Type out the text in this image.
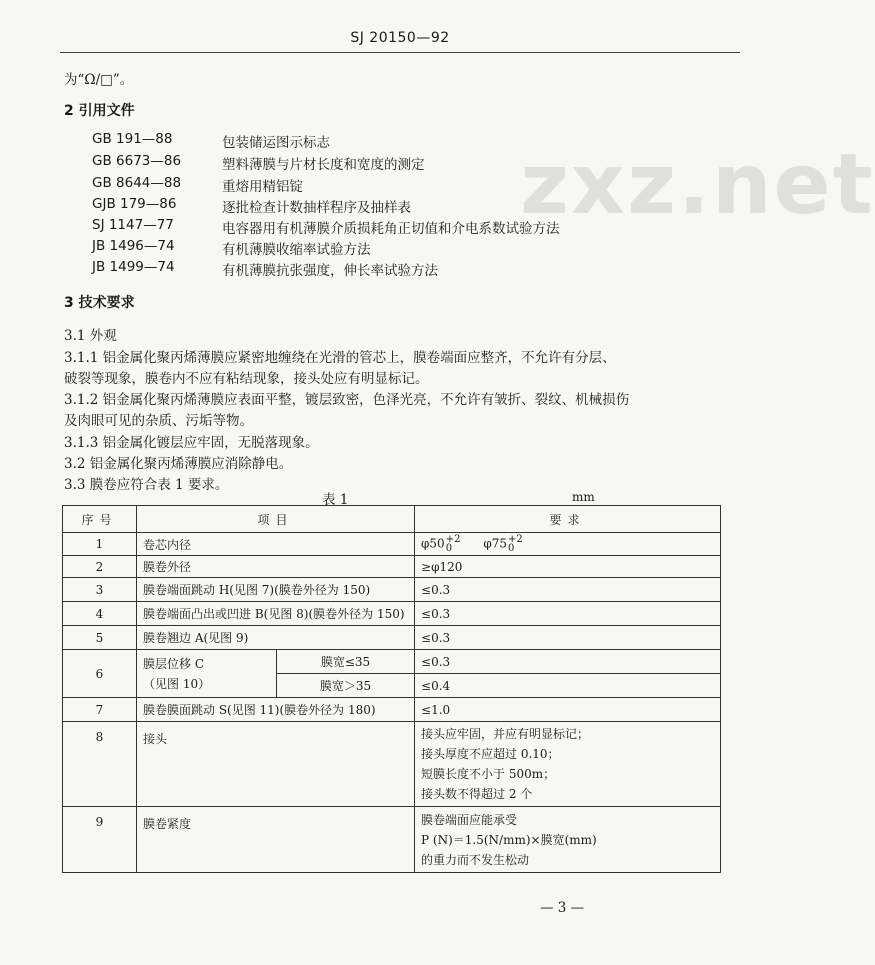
SJ 20150—92
zxz.net
为“Ω/□”。
2 引用文件
GB 191—88	包装储运图示标志
GB 6673—86	塑料薄膜与片材长度和宽度的测定
GB 8644—88	重熔用精铝锭
GJB 179—86	逐批检查计数抽样程序及抽样表
SJ 1147—77	电容器用有机薄膜介质损耗角正切值和介电系数试验方法
JB 1496—74	有机薄膜收缩率试验方法
JB 1499—74	有机薄膜抗张强度，伸长率试验方法
3 技术要求
3.1 外观
3.1.1 铝金属化聚丙烯薄膜应紧密地缠绕在光滑的管芯上，膜卷端面应整齐，不允许有分层、
破裂等现象，膜卷内不应有粘结现象，接头处应有明显标记。
3.1.2 铝金属化聚丙烯薄膜应表面平整，镀层致密，色泽光亮，不允许有皱折、裂纹、机械损伤
及肉眼可见的杂质、污垢等物。
3.1.3 铝金属化镀层应牢固，无脱落现象。
3.2 铝金属化聚丙烯薄膜应消除静电。
3.3 膜卷应符合表 1 要求。
表 1	mm
序号	项目		要求
1	卷芯内径		φ50+2
0 φ75+2
0
2	膜卷外径		≥φ120
3	膜卷端面跳动 H(见图 7)(膜卷外径为 150)		≤0.3
4	膜卷端面凸出或凹进 B(见图 8)(膜卷外径为 150)		≤0.3
5	膜卷翘边 A(见图 9)		≤0.3
6	膜层位移 C
（见图 10）	膜宽≤35	≤0.3
		膜宽＞35	≤0.4
7	膜卷膜面跳动 S(见图 11)(膜卷外径为 180)		≤1.0
8	接头		接头应牢固，并应有明显标记；
接头厚度不应超过 0.10；
短膜长度不小于 500m；
接头数不得超过 2 个

9	膜卷紧度		膜卷端面应能承受
P (N)＝1.5(N/mm)×膜宽(mm)
的重力而不发生松动
— 3 —
